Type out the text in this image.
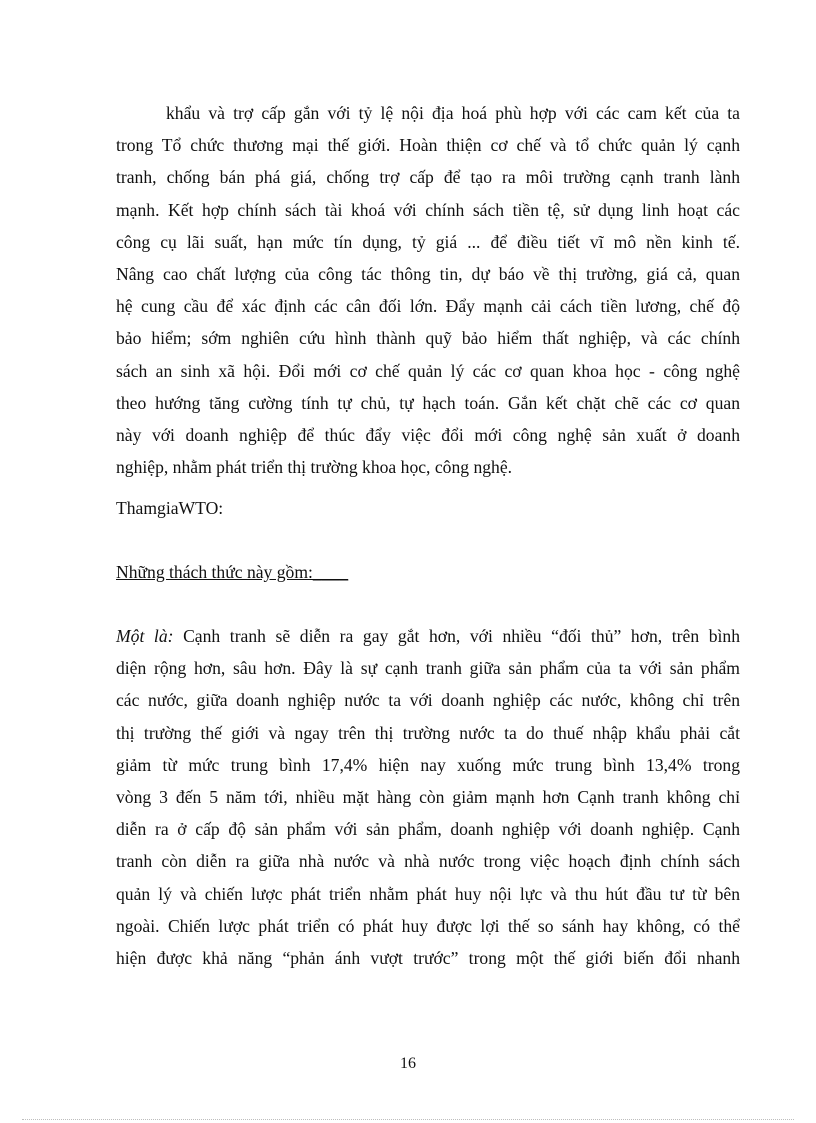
khẩu và trợ cấp gắn với tỷ lệ nội địa hoá phù hợp với các cam kết của ta
trong Tổ chức thương mại thế giới. Hoàn thiện cơ chế và tổ chức quản lý cạnh
tranh, chống bán phá giá, chống trợ cấp để tạo ra môi trường cạnh tranh lành
mạnh. Kết hợp chính sách tài khoá với chính sách tiền tệ, sử dụng linh hoạt các
công cụ lãi suất, hạn mức tín dụng, tỷ giá ... để điều tiết vĩ mô nền kinh tế.
Nâng cao chất lượng của công tác thông tin, dự báo về thị trường, giá cả, quan
hệ cung cầu để xác định các cân đối lớn. Đẩy mạnh cải cách tiền lương, chế độ
bảo hiểm; sớm nghiên cứu hình thành quỹ bảo hiểm thất nghiệp, và các chính
sách an sinh xã hội. Đổi mới cơ chế quản lý các cơ quan khoa học - công nghệ
theo hướng tăng cường tính tự chủ, tự hạch toán. Gắn kết chặt chẽ các cơ quan
này với doanh nghiệp để thúc đẩy việc đổi mới công nghệ sản xuất ở doanh
nghiệp, nhằm phát triển thị trường khoa học, công nghệ.
ThamgiaWTO:
Những thách thức này gồm:____
Một là: Cạnh tranh sẽ diễn ra gay gắt hơn, với nhiều “đối thủ” hơn, trên bình
diện rộng hơn, sâu hơn. Đây là sự cạnh tranh giữa sản phẩm của ta với sản phẩm
các nước, giữa doanh nghiệp nước ta với doanh nghiệp các nước, không chỉ trên
thị trường thế giới và ngay trên thị trường nước ta do thuế nhập khẩu phải cắt
giảm từ mức trung bình 17,4% hiện nay xuống mức trung bình 13,4% trong
vòng 3 đến 5 năm tới, nhiều mặt hàng còn giảm mạnh hơn Cạnh tranh không chỉ
diễn ra ở cấp độ sản phẩm với sản phẩm, doanh nghiệp với doanh nghiệp. Cạnh
tranh còn diễn ra giữa nhà nước và nhà nước trong việc hoạch định chính sách
quản lý và chiến lược phát triển nhằm phát huy nội lực và thu hút đầu tư từ bên
ngoài. Chiến lược phát triển có phát huy được lợi thế so sánh hay không, có thể
hiện được khả năng “phản ánh vượt trước” trong một thế giới biến đổi nhanh
16
